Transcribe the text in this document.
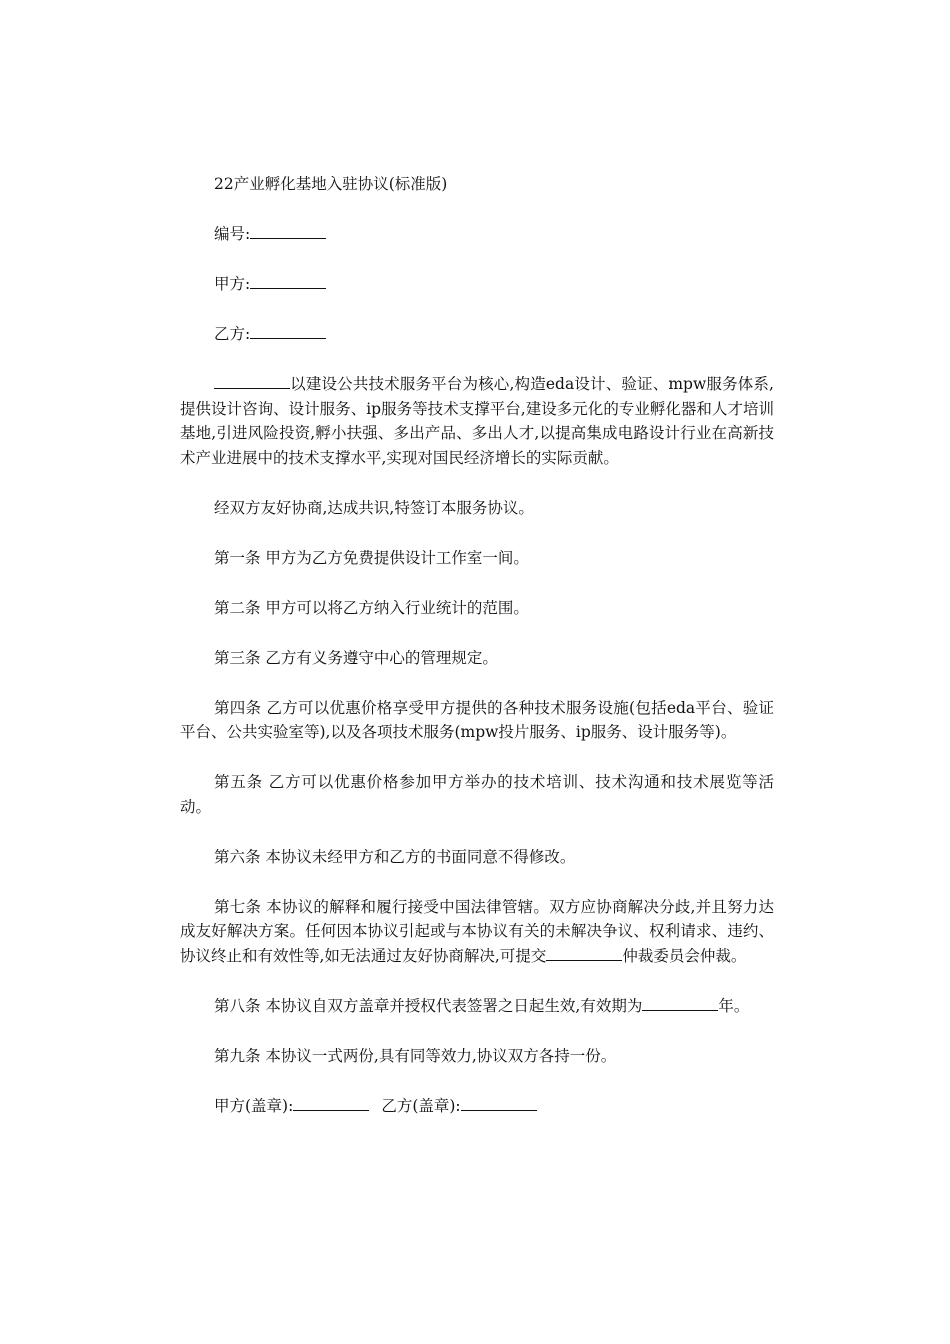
22产业孵化基地入驻协议(标准版)

编号:

甲方:

乙方:

以建设公共技术服务平台为核心,构造eda设计、验证、mpw服务体系,提供设计咨询、设计服务、ip服务等技术支撑平台,建设多元化的专业孵化器和人才培训基地,引进风险投资,孵小扶强、多出产品、多出人才,以提高集成电路设计行业在高新技术产业进展中的技术支撑水平,实现对国民经济增长的实际贡献。

经双方友好协商,达成共识,特签订本服务协议。

第一条 甲方为乙方免费提供设计工作室一间。

第二条 甲方可以将乙方纳入行业统计的范围。

第三条 乙方有义务遵守中心的管理规定。

第四条 乙方可以优惠价格享受甲方提供的各种技术服务设施(包括eda平台、验证平台、公共实验室等),以及各项技术服务(mpw投片服务、ip服务、设计服务等)。

第五条 乙方可以优惠价格参加甲方举办的技术培训、技术沟通和技术展览等活动。

第六条 本协议未经甲方和乙方的书面同意不得修改。

第七条 本协议的解释和履行接受中国法律管辖。双方应协商解决分歧,并且努力达成友好解决方案。任何因本协议引起或与本协议有关的未解决争议、权利请求、违约、协议终止和有效性等,如无法通过友好协商解决,可提交	仲裁委员会仲裁。

第八条 本协议自双方盖章并授权代表签署之日起生效,有效期为	年。

第九条 本协议一式两份,具有同等效力,协议双方各持一份。

甲方(盖章):	乙方(盖章):
